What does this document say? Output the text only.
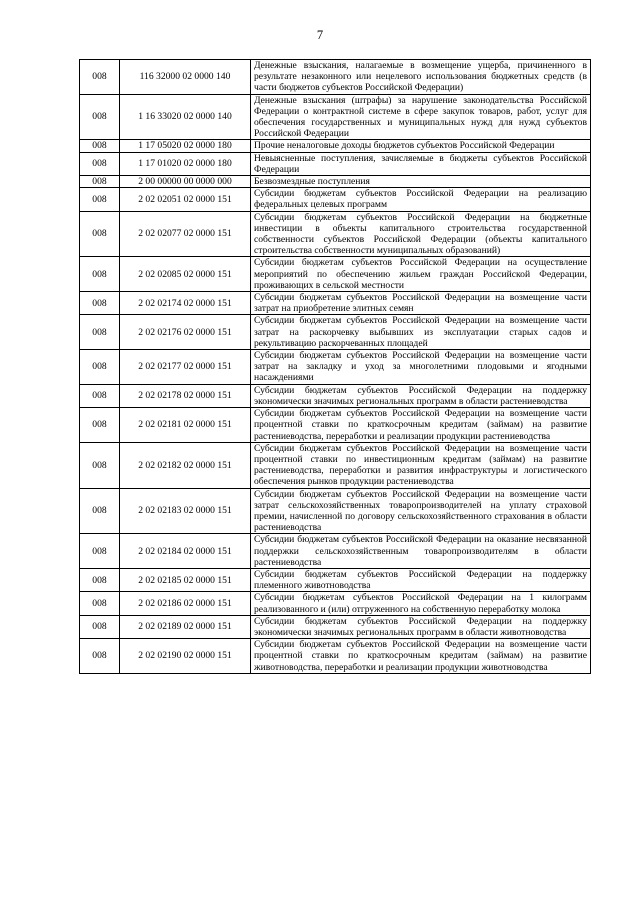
7
008	116 32000 02 0000 140	Денежные взыскания, налагаемые в возмещение ущерба, причиненного в результате незаконного или нецелевого использования бюджетных средств (в части бюджетов субъектов Российской Федерации)
008	1 16 33020 02 0000 140	Денежные взыскания (штрафы) за нарушение законодательства Российской Федерации о контрактной системе в сфере закупок товаров, работ, услуг для обеспечения государственных и муниципальных нужд для нужд субъектов Российской Федерации
008	1 17 05020 02 0000 180	Прочие неналоговые доходы бюджетов субъектов Российской Федерации
008	1 17 01020 02 0000 180	Невыясненные поступления, зачисляемые в бюджеты субъектов Российской Федерации
008	2 00 00000 00 0000 000	Безвозмездные поступления
008	2 02 02051 02 0000 151	Субсидии бюджетам субъектов Российской Федерации на реализацию федеральных целевых программ
008	2 02 02077 02 0000 151	Субсидии бюджетам субъектов Российской Федерации на бюджетные инвестиции в объекты капитального строительства государственной собственности субъектов Российской Федерации (объекты капитального строительства собственности муниципальных образований)
008	2 02 02085 02 0000 151	Субсидии бюджетам субъектов Российской Федерации на осуществление мероприятий по обеспечению жильем граждан Российской Федерации, проживающих в сельской местности
008	2 02 02174 02 0000 151	Субсидии бюджетам субъектов Российской Федерации на возмещение части затрат на приобретение элитных семян
008	2 02 02176 02 0000 151	Субсидии бюджетам субъектов Российской Федерации на возмещение части затрат на раскорчевку выбывших из эксплуатации старых садов и рекультивацию раскорчеванных площадей
008	2 02 02177 02 0000 151	Субсидии бюджетам субъектов Российской Федерации на возмещение части затрат на закладку и уход за многолетними плодовыми и ягодными насаждениями
008	2 02 02178 02 0000 151	Субсидии бюджетам субъектов Российской Федерации на поддержку экономически значимых региональных программ в области растениеводства
008	2 02 02181 02 0000 151	Субсидии бюджетам субъектов Российской Федерации на возмещение части процентной ставки по краткосрочным кредитам (займам) на развитие растениеводства, переработки и реализации продукции растениеводства
008	2 02 02182 02 0000 151	Субсидии бюджетам субъектов Российской Федерации на возмещение части процентной ставки по инвестиционным кредитам (займам) на развитие растениеводства, переработки и развития инфраструктуры и логистического обеспечения рынков продукции растениеводства
008	2 02 02183 02 0000 151	Субсидии бюджетам субъектов Российской Федерации на возмещение части затрат сельскохозяйственных товаропроизводителей на уплату страховой премии, начисленной по договору сельскохозяйственного страхования в области растениеводства
008	2 02 02184 02 0000 151	Субсидии бюджетам субъектов Российской Федерации на оказание несвязанной поддержки сельскохозяйственным товаропроизводителям в области растениеводства
008	2 02 02185 02 0000 151	Субсидии бюджетам субъектов Российской Федерации на поддержку племенного животноводства
008	2 02 02186 02 0000 151	Субсидии бюджетам субъектов Российской Федерации на 1 килограмм реализованного и (или) отгруженного на собственную переработку молока
008	2 02 02189 02 0000 151	Субсидии бюджетам субъектов Российской Федерации на поддержку экономически значимых региональных программ в области животноводства
008	2 02 02190 02 0000 151	Субсидии бюджетам субъектов Российской Федерации на возмещение части процентной ставки по краткосрочным кредитам (займам) на развитие животноводства, переработки и реализации продукции животноводства
